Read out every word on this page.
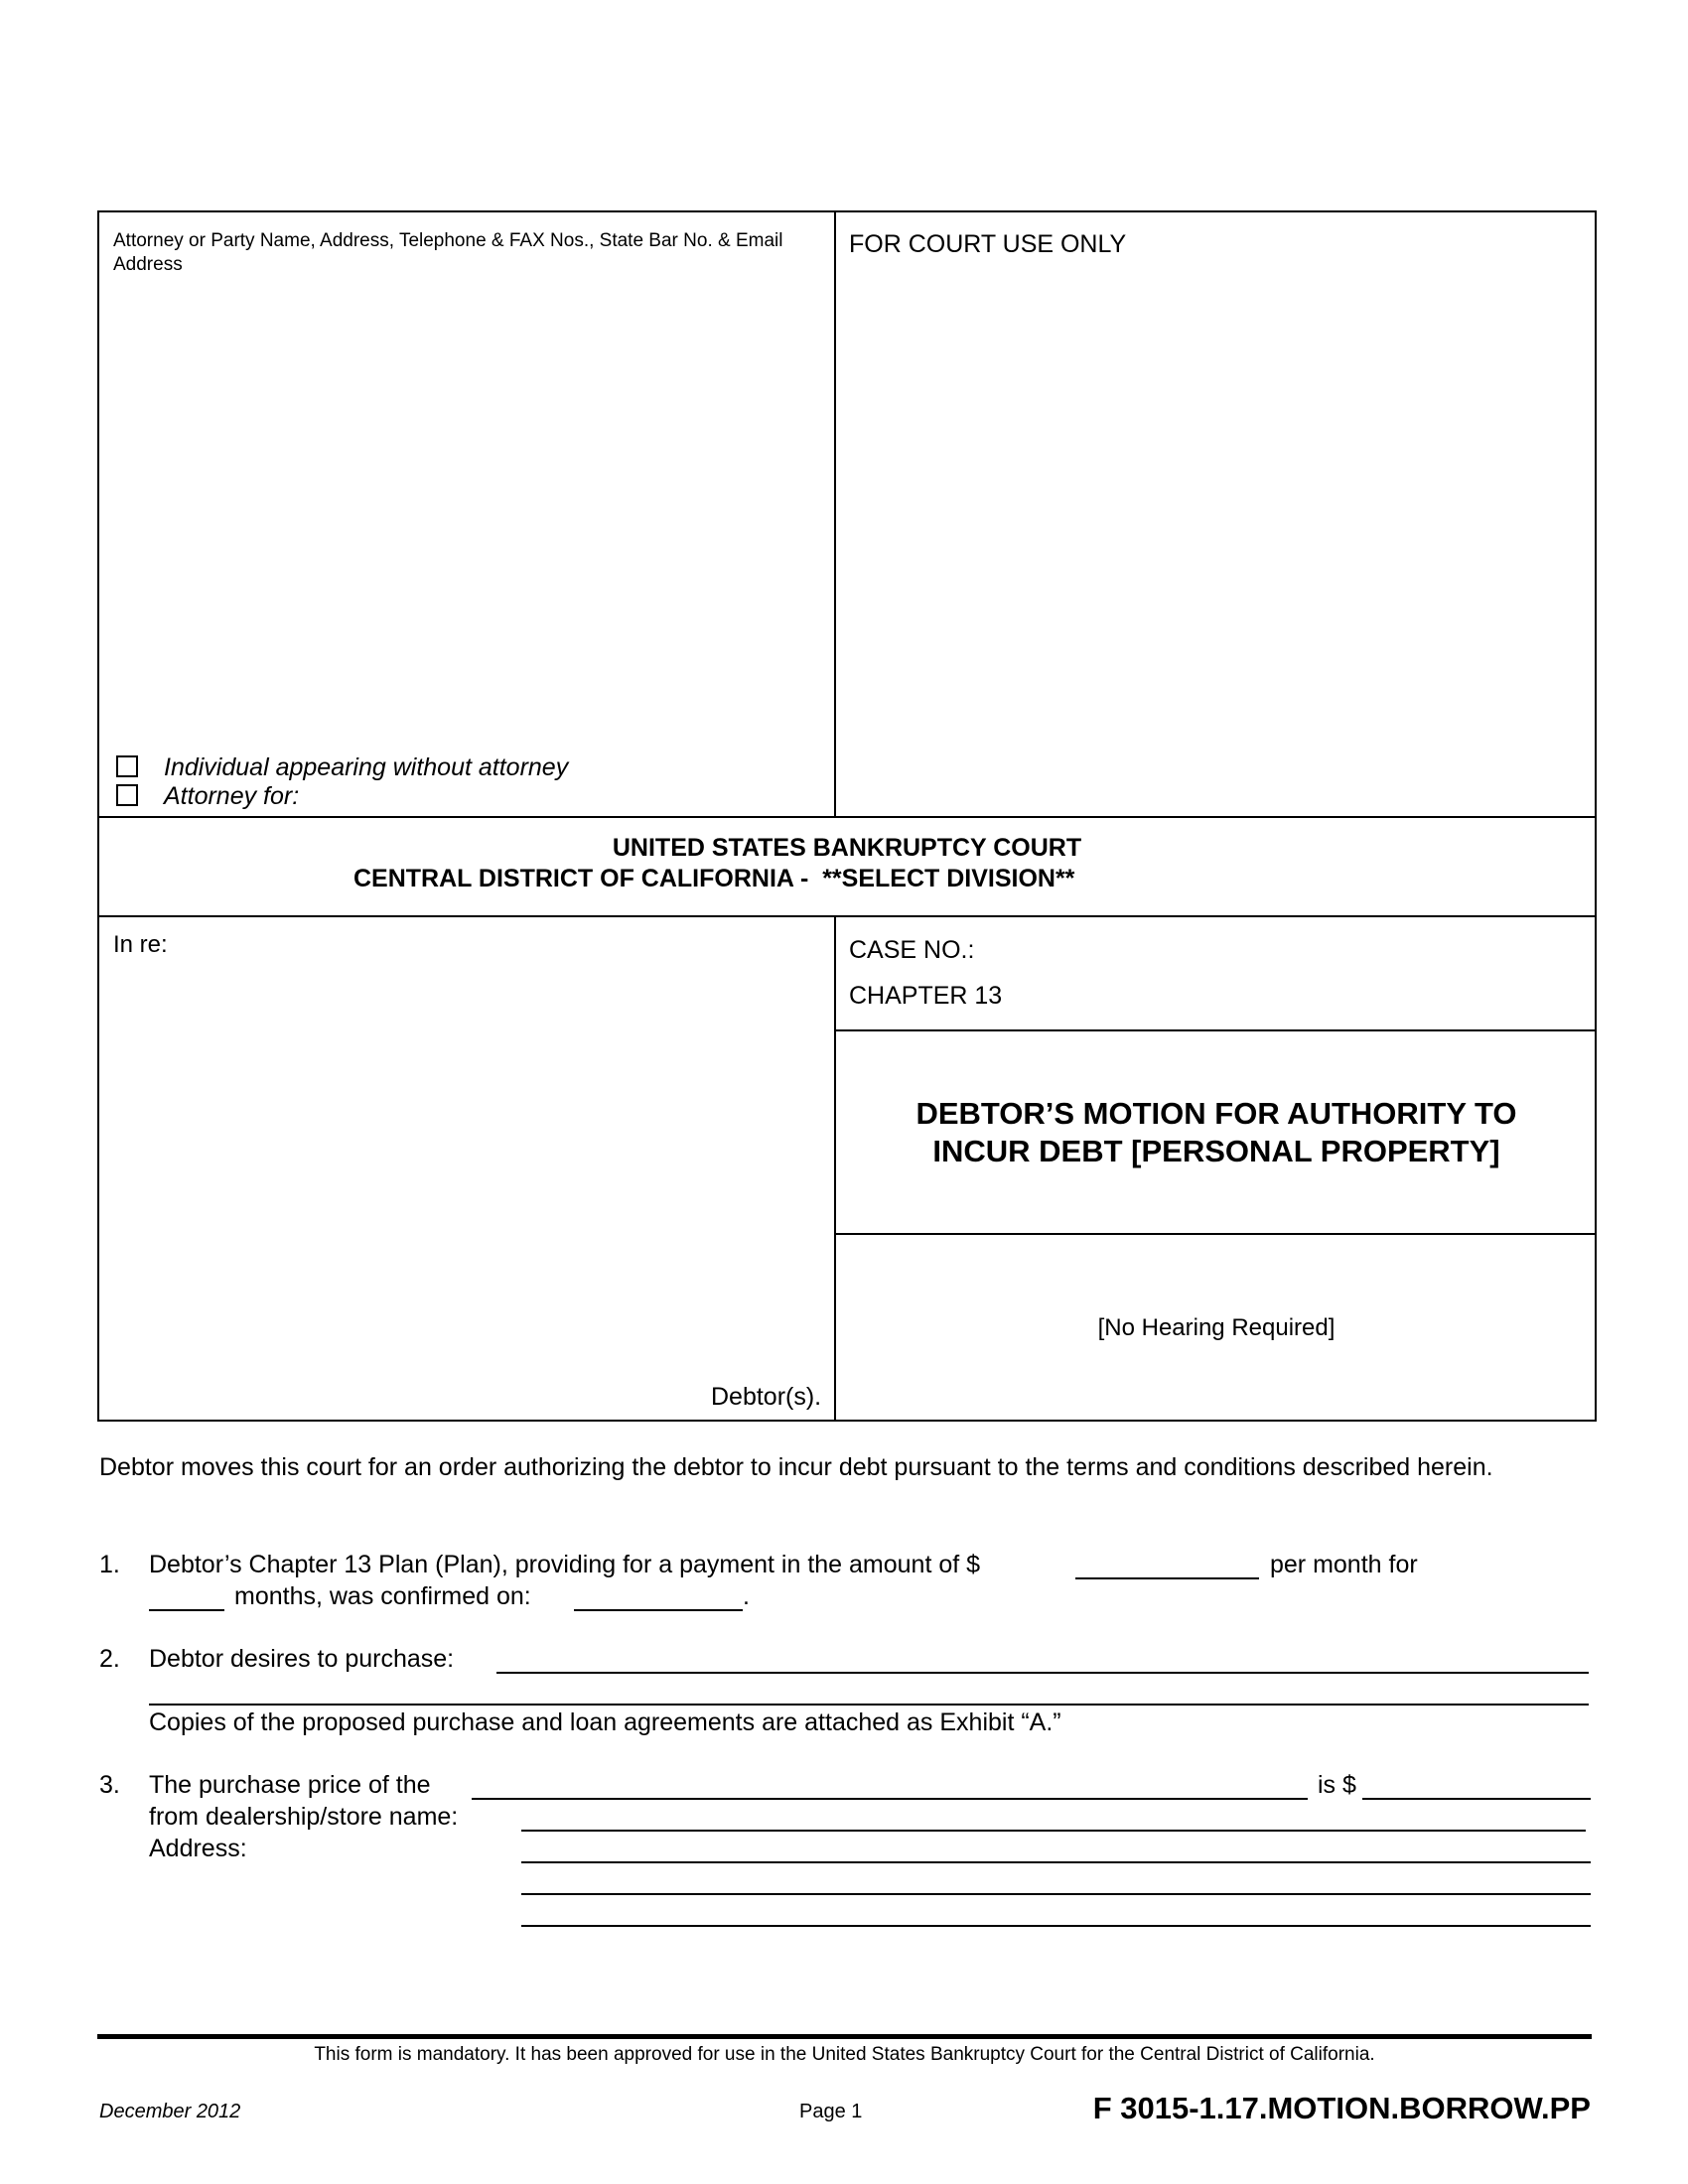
Attorney or Party Name, Address, Telephone & FAX Nos., State Bar No. & Email Address
FOR COURT USE ONLY
Individual appearing without attorney
Attorney for:
UNITED STATES BANKRUPTCY COURT
CENTRAL DISTRICT OF CALIFORNIA -  **SELECT DIVISION**
In re:
Debtor(s).
CASE NO.:
CHAPTER 13
DEBTOR’S MOTION FOR AUTHORITY TO
INCUR DEBT [PERSONAL PROPERTY]
[No Hearing Required]
Debtor moves this court for an order authorizing the debtor to incur debt pursuant to the terms and conditions described herein.
1. Debtor’s Chapter 13 Plan (Plan), providing for a payment in the amount of $	per month for
months, was confirmed on:	.
2. Debtor desires to purchase:
Copies of the proposed purchase and loan agreements are attached as Exhibit “A.”
3. The purchase price of the	is $
from dealership/store name:
Address:
This form is mandatory. It has been approved for use in the United States Bankruptcy Court for the Central District of California.
December 2012	Page 1	F 3015-1.17.MOTION.BORROW.PP
